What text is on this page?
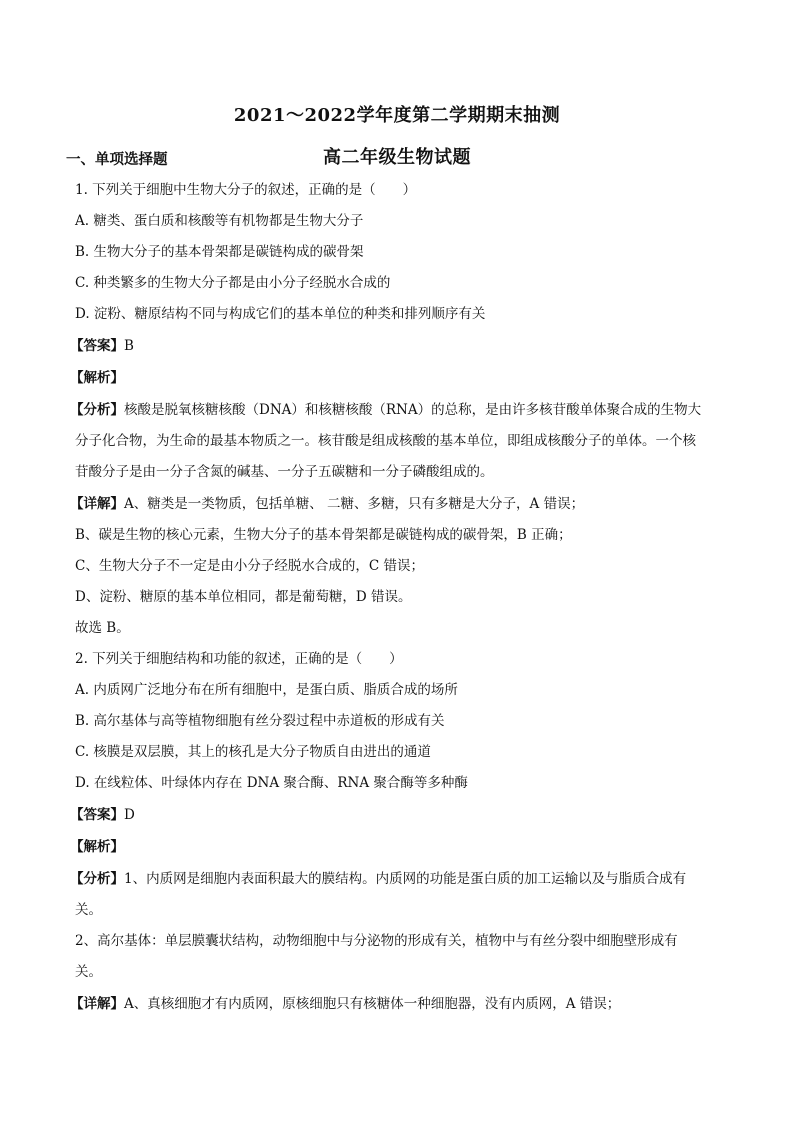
2021～2022学年度第二学期期末抽测
高二年级生物试题
一、单项选择题
1. 下列关于细胞中生物大分子的叙述，正确的是（　　）
A. 糖类、蛋白质和核酸等有机物都是生物大分子
B. 生物大分子的基本骨架都是碳链构成的碳骨架
C. 种类繁多的生物大分子都是由小分子经脱水合成的
D. 淀粉、糖原结构不同与构成它们的基本单位的种类和排列顺序有关
【答案】B
【解析】
【分析】核酸是脱氧核糖核酸（DNA）和核糖核酸（RNA）的总称，是由许多核苷酸单体聚合成的生物大
分子化合物，为生命的最基本物质之一。核苷酸是组成核酸的基本单位，即组成核酸分子的单体。一个核
苷酸分子是由一分子含氮的碱基、一分子五碳糖和一分子磷酸组成的。
【详解】A、糖类是一类物质，包括单糖、 二糖、多糖，只有多糖是大分子，A 错误；
B、碳是生物的核心元素，生物大分子的基本骨架都是碳链构成的碳骨架，B 正确；
C、生物大分子不一定是由小分子经脱水合成的，C 错误；
D、淀粉、糖原的基本单位相同，都是葡萄糖，D 错误。
故选 B。
2. 下列关于细胞结构和功能的叙述，正确的是（　　）
A. 内质网广泛地分布在所有细胞中，是蛋白质、脂质合成的场所
B. 高尔基体与高等植物细胞有丝分裂过程中赤道板的形成有关
C. 核膜是双层膜，其上的核孔是大分子物质自由进出的通道
D. 在线粒体、叶绿体内存在 DNA 聚合酶、RNA 聚合酶等多种酶
【答案】D
【解析】
【分析】1、内质网是细胞内表面积最大的膜结构。内质网的功能是蛋白质的加工运输以及与脂质合成有
关。
2、高尔基体：单层膜囊状结构，动物细胞中与分泌物的形成有关，植物中与有丝分裂中细胞壁形成有
关。
【详解】A、真核细胞才有内质网，原核细胞只有核糖体一种细胞器，没有内质网，A 错误；
